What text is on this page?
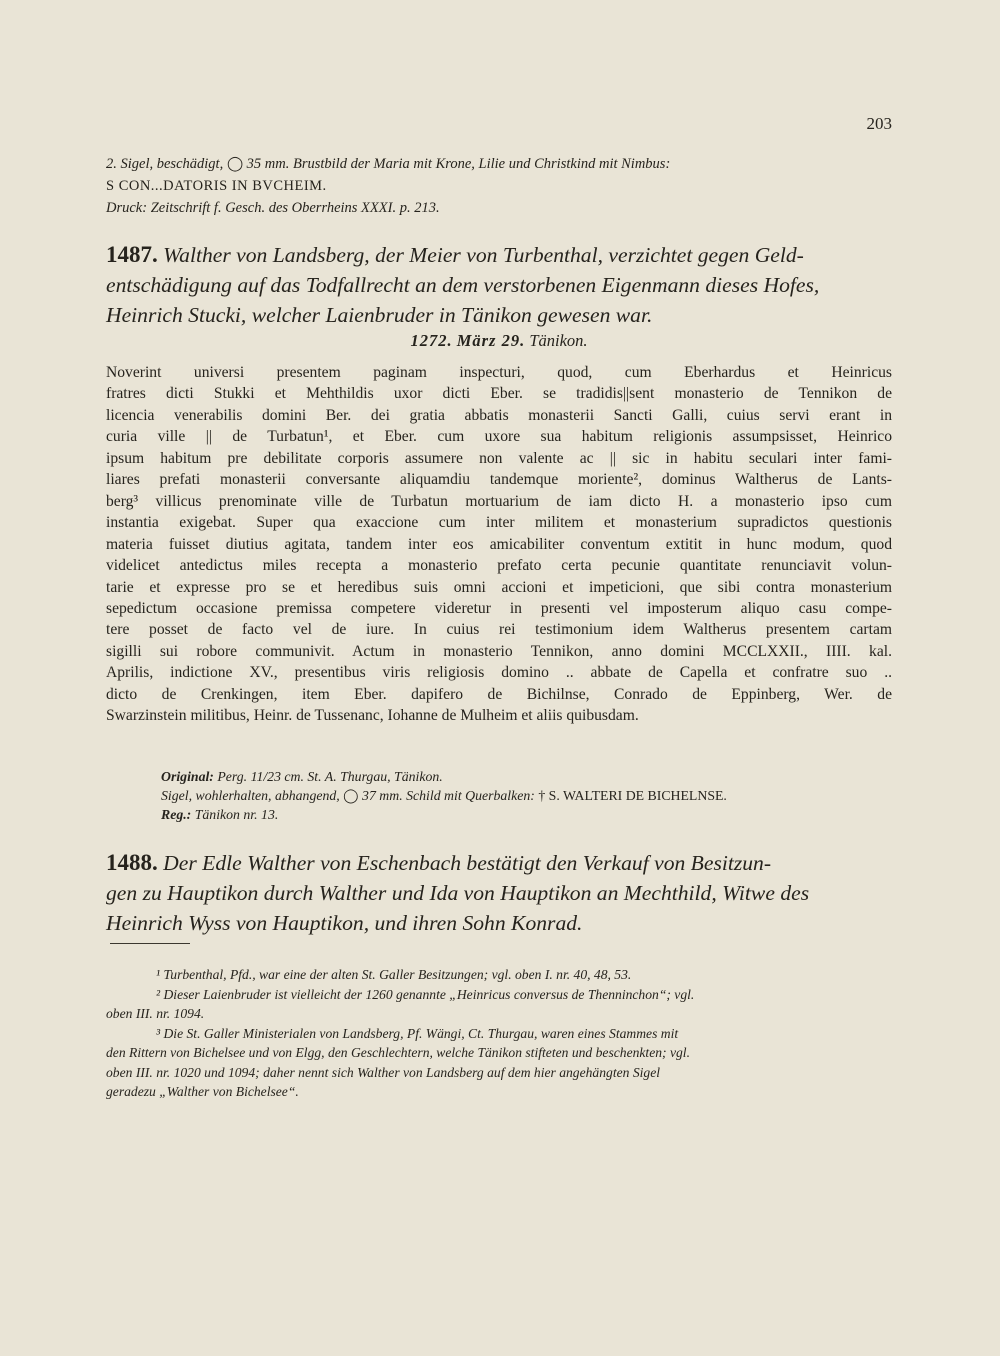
203
2. Sigel, beschädigt, ◯ 35 mm. Brustbild der Maria mit Krone, Lilie und Christkind mit Nimbus:
S CON...DATORIS IN BVCHEIM.
Druck: Zeitschrift f. Gesch. des Oberrheins XXXI. p. 213.
1487. Walther von Landsberg, der Meier von Turbenthal, verzichtet gegen Geld-
entschädigung auf das Todfallrecht an dem verstorbenen Eigenmann dieses Hofes,
Heinrich Stucki, welcher Laienbruder in Tänikon gewesen war.
1272. März 29. Tänikon.
Noverint universi presentem paginam inspecturi, quod, cum Eberhardus et Heinricus
fratres dicti Stukki et Mehthildis uxor dicti Eber. se tradidis||sent monasterio de Tennikon de
licencia venerabilis domini Ber. dei gratia abbatis monasterii Sancti Galli, cuius servi erant in
curia ville || de Turbatun¹, et Eber. cum uxore sua habitum religionis assumpsisset, Heinrico
ipsum habitum pre debilitate corporis assumere non valente ac || sic in habitu seculari inter fami-
liares prefati monasterii conversante aliquamdiu tandemque moriente², dominus Waltherus de Lants-
berg³ villicus prenominate ville de Turbatun mortuarium de iam dicto H. a monasterio ipso cum
instantia exigebat. Super qua exaccione cum inter militem et monasterium supradictos questionis
materia fuisset diutius agitata, tandem inter eos amicabiliter conventum extitit in hunc modum, quod
videlicet antedictus miles recepta a monasterio prefato certa pecunie quantitate renunciavit volun-
tarie et expresse pro se et heredibus suis omni accioni et impeticioni, que sibi contra monasterium
sepedictum occasione premissa competere videretur in presenti vel imposterum aliquo casu compe-
tere posset de facto vel de iure. In cuius rei testimonium idem Waltherus presentem cartam
sigilli sui robore communivit. Actum in monasterio Tennikon, anno domini MCCLXXII., IIII. kal.
Aprilis, indictione XV., presentibus viris religiosis domino .. abbate de Capella et confratre suo ..
dicto de Crenkingen, item Eber. dapifero de Bichilnse, Conrado de Eppinberg, Wer. de
Swarzinstein militibus, Heinr. de Tussenanc, Iohanne de Mulheim et aliis quibusdam.
Original: Perg. 11/23 cm. St. A. Thurgau, Tänikon.
Sigel, wohlerhalten, abhangend, ◯ 37 mm. Schild mit Querbalken: † S. WALTERI DE BICHELNSE.
Reg.: Tänikon nr. 13.
1488. Der Edle Walther von Eschenbach bestätigt den Verkauf von Besitzun-
gen zu Hauptikon durch Walther und Ida von Hauptikon an Mechthild, Witwe des
Heinrich Wyss von Hauptikon, und ihren Sohn Konrad.
¹ Turbenthal, Pfd., war eine der alten St. Galler Besitzungen; vgl. oben I. nr. 40, 48, 53.
² Dieser Laienbruder ist vielleicht der 1260 genannte „Heinricus conversus de Thenninchon“; vgl.
oben III. nr. 1094.
³ Die St. Galler Ministerialen von Landsberg, Pf. Wängi, Ct. Thurgau, waren eines Stammes mit
den Rittern von Bichelsee und von Elgg, den Geschlechtern, welche Tänikon stifteten und beschenkten; vgl.
oben III. nr. 1020 und 1094; daher nennt sich Walther von Landsberg auf dem hier angehängten Sigel
geradezu „Walther von Bichelsee“.
